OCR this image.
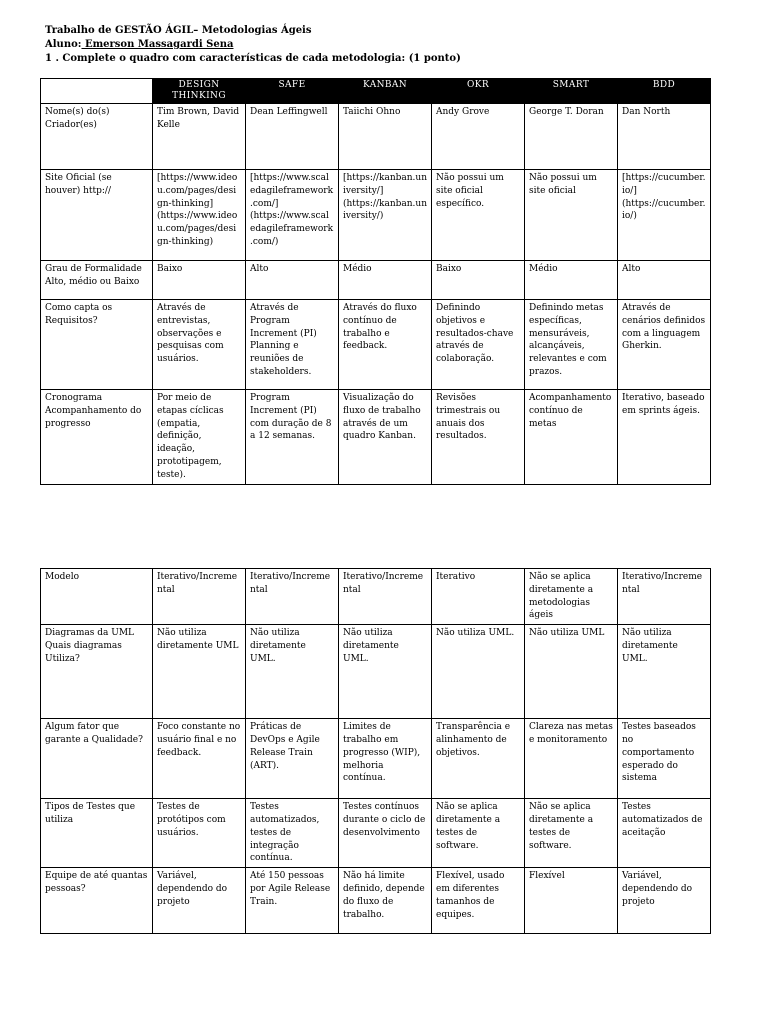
Trabalho de GESTÃO ÁGIL– Metodologias Ágeis
Aluno: Emerson Massagardi Sena
1 . Complete o quadro com características de cada metodologia: (1 ponto)
	DESIGN THINKING	SAFE	KANBAN	OKR	SMART	BDD
Nome(s) do(s) Criador(es)	Tim Brown, David Kelle	Dean Leffingwell	Taiichi Ohno	Andy Grove	George T. Doran	Dan North
Site Oficial (se houver) http://	[https://www.ideou.com/pages/design-thinking](https://www.ideou.com/pages/design-thinking)	[https://www.scaledagileframework.com/](https://www.scaledagileframework.com/)	[https://kanban.university/](https://kanban.university/)	Não possui um site oficial específico.	Não possui um site oficial	[https://cucumber.io/](https://cucumber.io/)
Grau de Formalidade Alto, médio ou Baixo	Baixo	Alto	Médio	Baixo	Médio	Alto
Como capta os Requisitos?	Através de entrevistas, observações e pesquisas com usuários.	Através de Program Increment (PI) Planning e reuniões de stakeholders.	Através do fluxo contínuo de trabalho e feedback.	Definindo objetivos e resultados-chave através de colaboração.	Definindo metas específicas, mensuráveis, alcançáveis, relevantes e com prazos.	Através de cenários definidos com a linguagem Gherkin.
Cronograma Acompanhamento do progresso	Por meio de etapas cíclicas (empatia, definição, ideação, prototipagem, teste).	Program Increment (PI) com duração de 8 a 12 semanas.	Visualização do fluxo de trabalho através de um quadro Kanban.	Revisões trimestrais ou anuais dos resultados.	Acompanhamento contínuo de metas	Iterativo, baseado em sprints ágeis.
Modelo	Iterativo/Incremental	Iterativo/Incremental	Iterativo/Incremental	Iterativo	Não se aplica diretamente a metodologias ágeis	Iterativo/Incremental
Diagramas da UML Quais diagramas Utiliza?	Não utiliza diretamente UML	Não utiliza diretamente UML.	Não utiliza diretamente UML.	Não utiliza UML.	Não utiliza UML	Não utiliza diretamente UML.
Algum fator que garante a Qualidade?	Foco constante no usuário final e no feedback.	Práticas de DevOps e Agile Release Train (ART).	Limites de trabalho em progresso (WIP), melhoria contínua.	Transparência e alinhamento de objetivos.	Clareza nas metas e monitoramento	Testes baseados no comportamento esperado do sistema
Tipos de Testes que utiliza	Testes de protótipos com usuários.	Testes automatizados, testes de integração contínua.	Testes contínuos durante o ciclo de desenvolvimento	Não se aplica diretamente a testes de software.	Não se aplica diretamente a testes de software.	Testes automatizados de aceitação
Equipe de até quantas pessoas?	Variável, dependendo do projeto	Até 150 pessoas por Agile Release Train.	Não há limite definido, depende do fluxo de trabalho.	Flexível, usado em diferentes tamanhos de equipes.	Flexível	Variável, dependendo do projeto
